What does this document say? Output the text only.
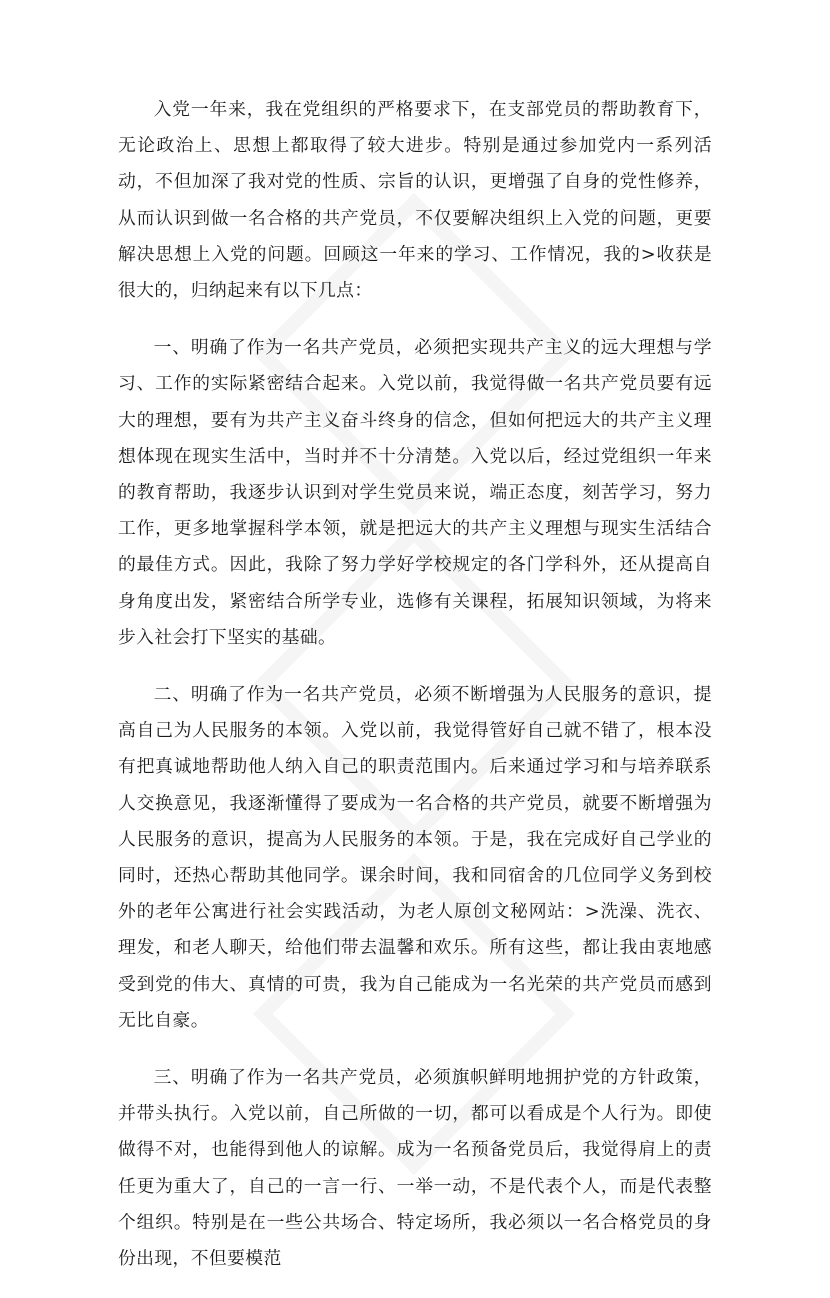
入党一年来，我在党组织的严格要求下，在支部党员的帮助教育下，无论政治上、思想上都取得了较大进步。特别是通过参加党内一系列活动，不但加深了我对党的性质、宗旨的认识，更增强了自身的党性修养，从而认识到做一名合格的共产党员，不仅要解决组织上入党的问题，更要解决思想上入党的问题。回顾这一年来的学习、工作情况，我的>收获是很大的，归纳起来有以下几点：

一、明确了作为一名共产党员，必须把实现共产主义的远大理想与学习、工作的实际紧密结合起来。入党以前，我觉得做一名共产党员要有远大的理想，要有为共产主义奋斗终身的信念，但如何把远大的共产主义理想体现在现实生活中，当时并不十分清楚。入党以后，经过党组织一年来的教育帮助，我逐步认识到对学生党员来说，端正态度，刻苦学习，努力工作，更多地掌握科学本领，就是把远大的共产主义理想与现实生活结合的最佳方式。因此，我除了努力学好学校规定的各门学科外，还从提高自身角度出发，紧密结合所学专业，选修有关课程，拓展知识领域，为将来步入社会打下坚实的基础。

二、明确了作为一名共产党员，必须不断增强为人民服务的意识，提高自己为人民服务的本领。入党以前，我觉得管好自己就不错了，根本没有把真诚地帮助他人纳入自己的职责范围内。后来通过学习和与培养联系人交换意见，我逐渐懂得了要成为一名合格的共产党员，就要不断增强为人民服务的意识，提高为人民服务的本领。于是，我在完成好自己学业的同时，还热心帮助其他同学。课余时间，我和同宿舍的几位同学义务到校外的老年公寓进行社会实践活动，为老人原创文秘网站：>洗澡、洗衣、理发，和老人聊天，给他们带去温馨和欢乐。所有这些，都让我由衷地感受到党的伟大、真情的可贵，我为自己能成为一名光荣的共产党员而感到无比自豪。

三、明确了作为一名共产党员，必须旗帜鲜明地拥护党的方针政策，并带头执行。入党以前，自己所做的一切，都可以看成是个人行为。即使做得不对，也能得到他人的谅解。成为一名预备党员后，我觉得肩上的责任更为重大了，自己的一言一行、一举一动，不是代表个人，而是代表整个组织。特别是在一些公共场合、特定场所，我必须以一名合格党员的身份出现，不但要模范
